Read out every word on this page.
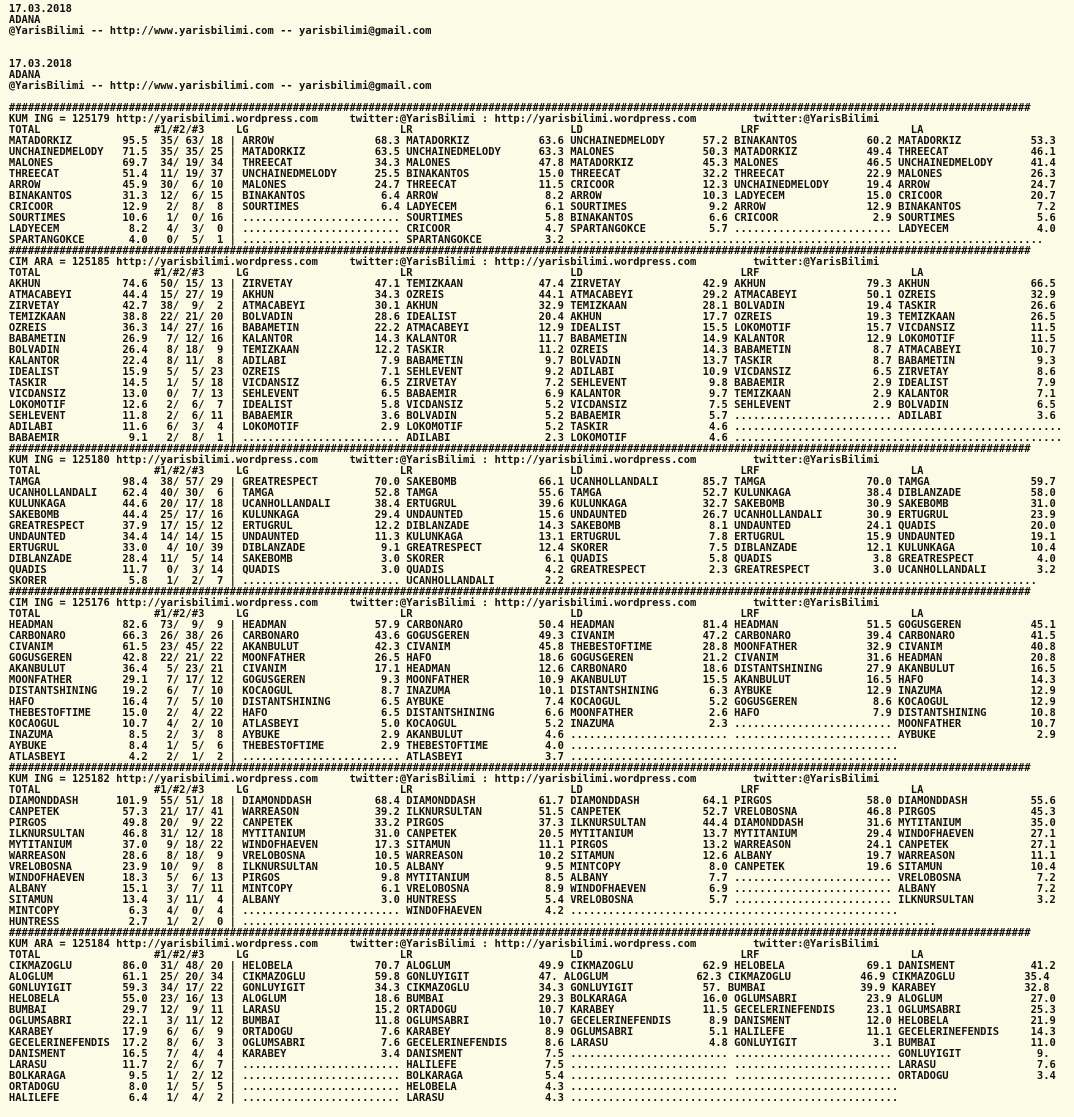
17.03.2018
ADANA
@YarisBilimi -- http://www.yarisbilimi.com -- yarisbilimi@gmail.com

17.03.2018
ADANA
@YarisBilimi -- http://www.yarisbilimi.com -- yarisbilimi@gmail.com

##################################################################################################################################################################
KUM ING = 125179 http://yarisbilimi.wordpress.com     twitter:@YarisBilimi : http://yarisbilimi.wordpress.com         twitter:@YarisBilimi
TOTAL                  #1/#2/#3     LG                        LR                         LD                         LRF                        LA
MATADORKIZ        95.5  35/ 63/ 18 | ARROW                68.3 MATADORKIZ           63.6 UNCHAINEDMELODY      57.2 BINAKANTOS           60.2 MATADORKIZ           53.3
UNCHAINEDMELODY   71.5  35/ 35/ 25 | MATADORKIZ           63.5 UNCHAINEDMELODY      63.3 MALONES              50.3 MATADORKIZ           49.4 THREECAT             46.1
MALONES           69.7  34/ 19/ 34 | THREECAT             34.3 MALONES              47.8 MATADORKIZ           45.3 MALONES              46.5 UNCHAINEDMELODY      41.4
THREECAT          51.4  11/ 19/ 37 | UNCHAINEDMELODY      25.5 BINAKANTOS           15.0 THREECAT             32.2 THREECAT             22.9 MALONES              26.3
ARROW             45.9  30/  6/ 10 | MALONES              24.7 THREECAT             11.5 CRICOOR              12.3 UNCHAINEDMELODY      19.4 ARROW                24.7
BINAKANTOS        31.3  12/  6/ 15 | BINAKANTOS            6.4 ARROW                 8.2 ARROW                10.3 LADYECEM             15.0 CRICOOR              20.7
CRICOOR           12.9   2/  8/  8 | SOURTIMES             6.4 LADYECEM              6.1 SOURTIMES             9.2 ARROW                12.9 BINAKANTOS            7.2
SOURTIMES         10.6   1/  0/ 16 | ......................... SOURTIMES             5.8 BINAKANTOS            6.6 CRICOOR               2.9 SOURTIMES             5.6
LADYECEM           8.2   4/  3/  0 | ......................... CRICOOR               4.7 SPARTANGOKCE          5.7 ......................... LADYECEM              4.0
SPARTANGOKCE       4.0   0/  5/  1 | ......................... SPARTANGOKCE          3.2 ...........................................................................
##################################################################################################################################################################
CIM ARA = 125185 http://yarisbilimi.wordpress.com     twitter:@YarisBilimi : http://yarisbilimi.wordpress.com         twitter:@YarisBilimi
TOTAL                  #1/#2/#3     LG                        LR                         LD                         LRF                        LA
AKHUN             74.6  50/ 15/ 13 | ZIRVETAY             47.1 TEMIZKAAN            47.4 ZIRVETAY             42.9 AKHUN                79.3 AKHUN                66.5
ATMACABEYI        44.4  15/ 27/ 19 | AKHUN                34.3 OZREIS               44.1 ATMACABEYI           29.2 ATMACABEYI           50.1 OZREIS               32.9
ZIRVETAY          42.7  38/  9/  2 | ATMACABEYI           30.1 AKHUN                32.9 TEMIZKAAN            28.1 BOLVADIN             19.4 TASKIR               26.6
TEMIZKAAN         38.8  22/ 21/ 20 | BOLVADIN             28.6 IDEALIST             20.4 AKHUN                17.7 OZREIS               19.3 TEMIZKAAN            26.5
OZREIS            36.3  14/ 27/ 16 | BABAMETIN            22.2 ATMACABEYI           12.9 IDEALIST             15.5 LOKOMOTIF            15.7 VICDANSIZ            11.5
BABAMETIN         26.9   7/ 12/ 16 | KALANTOR             14.3 KALANTOR             11.7 BABAMETIN            14.9 KALANTOR             12.9 LOKOMOTIF            11.5
BOLVADIN          26.4   8/ 18/  9 | TEMIZKAAN            12.2 TASKIR               11.2 OZREIS               14.3 BABAMETIN             8.7 ATMACABEYI           10.7
KALANTOR          22.4   8/ 11/  8 | ADILABI               7.9 BABAMETIN             9.7 BOLVADIN             13.7 TASKIR                8.7 BABAMETIN             9.3
IDEALIST          15.9   5/  5/ 23 | OZREIS                7.1 SEHLEVENT             9.2 ADILABI              10.9 VICDANSIZ             6.5 ZIRVETAY              8.6
TASKIR            14.5   1/  5/ 18 | VICDANSIZ             6.5 ZIRVETAY              7.2 SEHLEVENT             9.8 BABAEMIR              2.9 IDEALIST              7.9
VICDANSIZ         13.0   0/  7/ 13 | SEHLEVENT             6.5 BABAEMIR              6.9 KALANTOR              9.7 TEMIZKAAN             2.9 KALANTOR              7.1
LOKOMOTIF         12.6   2/  6/  7 | IDEALIST              5.8 VICDANSIZ             5.2 VICDANSIZ             7.5 SEHLEVENT             2.9 BOLVADIN              6.5
SEHLEVENT         11.8   2/  6/ 11 | BABAEMIR              3.6 BOLVADIN              5.2 BABAEMIR              5.7 ......................... ADILABI               3.6
ADILABI           11.6   6/  3/  4 | LOKOMOTIF             2.9 LOKOMOTIF             5.2 TASKIR                4.6 ....................................................
BABAEMIR           9.1   2/  8/  1 | ......................... ADILABI               2.3 LOKOMOTIF             4.6 ....................................................
##################################################################################################################################################################
KUM ING = 125180 http://yarisbilimi.wordpress.com     twitter:@YarisBilimi : http://yarisbilimi.wordpress.com         twitter:@YarisBilimi
TOTAL                  #1/#2/#3     LG                        LR                         LD                         LRF                        LA
TAMGA             98.4  38/ 57/ 29 | GREATRESPECT         70.0 SAKEBOMB             66.1 UCANHOLLANDALI       85.7 TAMGA                70.0 TAMGA                59.7
UCANHOLLANDALI    62.4  40/ 30/  6 | TAMGA                52.8 TAMGA                55.6 TAMGA                52.7 KULUNKAGA            38.4 DIBLANZADE           58.0
KULUNKAGA         44.6  20/ 17/ 18 | UCANHOLLANDALI       38.4 ERTUGRUL             39.6 KULUNKAGA            32.7 SAKEBOMB             30.9 SAKEBOMB             31.0
SAKEBOMB          44.4  25/ 17/ 16 | KULUNKAGA            29.4 UNDAUNTED            15.6 UNDAUNTED            26.7 UCANHOLLANDALI       30.9 ERTUGRUL             23.9
GREATRESPECT      37.9  17/ 15/ 12 | ERTUGRUL             12.2 DIBLANZADE           14.3 SAKEBOMB              8.1 UNDAUNTED            24.1 QUADIS               20.0
UNDAUNTED         34.4  14/ 14/ 15 | UNDAUNTED            11.3 KULUNKAGA            13.1 ERTUGRUL              7.8 ERTUGRUL             15.9 UNDAUNTED            19.1
ERTUGRUL          33.0   4/ 10/ 39 | DIBLANZADE            9.1 GREATRESPECT         12.4 SKORER                7.5 DIBLANZADE           12.1 KULUNKAGA            10.4
DIBLANZADE        28.4  11/  5/ 14 | SAKEBOMB              3.0 SKORER                6.1 QUADIS                5.8 QUADIS                3.8 GREATRESPECT          4.0
QUADIS            11.7   0/  3/ 14 | QUADIS                3.0 QUADIS                4.2 GREATRESPECT          2.3 GREATRESPECT          3.0 UCANHOLLANDALI        3.2
SKORER             5.8   1/  2/  7 | ......................... UCANHOLLANDALI        2.2 ..........................................................................
##################################################################################################################################################################
CIM ING = 125176 http://yarisbilimi.wordpress.com     twitter:@YarisBilimi : http://yarisbilimi.wordpress.com         twitter:@YarisBilimi
TOTAL                  #1/#2/#3     LG                        LR                         LD                         LRF                        LA
HEADMAN           82.6  73/  9/  9 | HEADMAN              57.9 CARBONARO            50.4 HEADMAN              81.4 HEADMAN              51.5 GOGUSGEREN           45.1
CARBONARO         66.3  26/ 38/ 26 | CARBONARO            43.6 GOGUSGEREN           49.3 CIVANIM              47.2 CARBONARO            39.4 CARBONARO            41.5
CIVANIM           61.5  23/ 45/ 22 | AKANBULUT            42.3 CIVANIM              45.8 THEBESTOFTIME        28.8 MOONFATHER           32.9 CIVANIM              40.8
GOGUSGEREN        42.8  22/ 21/ 22 | MOONFATHER           26.5 HAFO                 18.6 GOGUSGEREN           21.2 CIVANIM              31.6 HEADMAN              20.8
AKANBULUT         36.4   5/ 23/ 21 | CIVANIM              17.1 HEADMAN              12.6 CARBONARO            18.6 DISTANTSHINING       27.9 AKANBULUT            16.5
MOONFATHER        29.1   7/ 17/ 12 | GOGUSGEREN            9.3 MOONFATHER           10.9 AKANBULUT            15.5 AKANBULUT            16.5 HAFO                 14.3
DISTANTSHINING    19.2   6/  7/ 10 | KOCAOGUL              8.7 INAZUMA              10.1 DISTANTSHINING        6.3 AYBUKE               12.9 INAZUMA              12.9
HAFO              16.4   7/  5/ 10 | DISTANTSHINING        6.5 AYBUKE                7.4 KOCAOGUL              5.2 GOGUSGEREN            8.6 KOCAOGUL             12.9
THEBESTOFTIME     15.0   2/  4/ 22 | HAFO                  6.5 DISTANTSHINING        6.6 MOONFATHER            2.6 HAFO                  7.9 DISTANTSHINING       10.8
KOCAOGUL          10.7   4/  2/ 10 | ATLASBEYI             5.0 KOCAOGUL              5.2 INAZUMA               2.3 ......................... MOONFATHER           10.7
INAZUMA            8.5   2/  3/  8 | AYBUKE                2.9 AKANBULUT             4.6 ......................... ......................... AYBUKE                2.9
AYBUKE             8.4   1/  5/  6 | THEBESTOFTIME         2.9 THEBESTOFTIME         4.0 ....................................................
ATLASBEYI          4.2   2/  1/  2 | ......................... ATLASBEYI             3.7 ....................................................
##################################################################################################################################################################
KUM ING = 125182 http://yarisbilimi.wordpress.com     twitter:@YarisBilimi : http://yarisbilimi.wordpress.com         twitter:@YarisBilimi
TOTAL                  #1/#2/#3     LG                        LR                         LD                         LRF                        LA
DIAMONDDASH      101.9  55/ 51/ 18 | DIAMONDDASH          68.4 DIAMONDDASH          61.7 DIAMONDDASH          64.1 PIRGOS               58.0 DIAMONDDASH          55.6
CANPETEK          57.3  21/ 17/ 41 | WARREASON            39.2 ILKNURSULTAN         51.5 CANPETEK             52.7 VRELOBOSNA           46.8 PIRGOS               45.3
PIRGOS            49.8  20/  9/ 22 | CANPETEK             33.2 PIRGOS               37.3 ILKNURSULTAN         44.4 DIAMONDDASH          31.6 MYTITANIUM           35.0
ILKNURSULTAN      46.8  31/ 12/ 18 | MYTITANIUM           31.0 CANPETEK             20.5 MYTITANIUM           13.7 MYTITANIUM           29.4 WINDOFHAEVEN         27.1
MYTITANIUM        37.0   9/ 18/ 22 | WINDOFHAEVEN         17.3 SITAMUN              11.1 PIRGOS               13.2 WARREASON            24.1 CANPETEK             27.1
WARREASON         28.6   8/ 18/  9 | VRELOBOSNA           10.5 WARREASON            10.2 SITAMUN              12.6 ALBANY               19.7 WARREASON            11.1
VRELOBOSNA        23.9  10/  9/  8 | ILKNURSULTAN         10.5 ALBANY                9.5 MINTCOPY              8.0 CANPETEK             19.6 SITAMUN              10.4
WINDOFHAEVEN      18.3   5/  6/ 13 | PIRGOS                9.8 MYTITANIUM            8.5 ALBANY                7.7 ......................... VRELOBOSNA            7.2
ALBANY            15.1   3/  7/ 11 | MINTCOPY              6.1 VRELOBOSNA            8.9 WINDOFHAEVEN          6.9 ......................... ALBANY                7.2
SITAMUN           13.4   3/ 11/  4 | ALBANY                3.0 HUNTRESS              5.4 VRELOBOSNA            5.7 ......................... ILKNURSULTAN          3.2
MINTCOPY           6.3   4/  0/  4 | ......................... WINDOFHAEVEN          4.2 ....................................................
HUNTRESS           2.7   1/  2/  0 | ..............................................................................................................
##################################################################################################################################################################
KUM ARA = 125184 http://yarisbilimi.wordpress.com     twitter:@YarisBilimi : http://yarisbilimi.wordpress.com         twitter:@YarisBilimi
TOTAL                  #1/#2/#3     LG                        LR                         LD                         LRF                        LA
CIKMAZOGLU        86.0  31/ 48/ 20 | HELOBELA             70.7 ALOGLUM              49.9 CIKMAZOGLU           62.9 HELOBELA             69.1 DANISMENT            41.2
ALOGLUM           61.1  25/ 20/ 34 | CIKMAZOGLU           59.8 GONLUYIGIT           47. ALOGLUM              62.3 CIKMAZOGLU           46.9 CIKMAZOGLU           35.4
GONLUYIGIT        59.3  34/ 17/ 22 | GONLUYIGIT           34.3 CIKMAZOGLU           34.3 GONLUYIGIT           57. BUMBAI               39.9 KARABEY              32.8
HELOBELA          55.0  23/ 16/ 13 | ALOGLUM              18.6 BUMBAI               29.3 BOLKARAGA            16.0 OGLUMSABRI           23.9 ALOGLUM              27.0
BUMBAI            29.7  12/  9/ 11 | LARASU               15.2 ORTADOGU             10.7 KARABEY              11.5 GECELERINEFENDIS     23.1 OGLUMSABRI           25.3
OGLUMSABRI        22.1   3/ 11/ 12 | BUMBAI               11.8 OGLUMSABRI           10.7 GECELERINEFENDIS      8.9 DANISMENT            12.0 HELOBELA             21.9
KARABEY           17.9   6/  6/  9 | ORTADOGU              7.6 KARABEY               8.9 OGLUMSABRI            5.1 HALILEFE             11.1 GECELERINEFENDIS     14.3
GECELERINEFENDIS  17.2   8/  6/  3 | OGLUMSABRI            7.6 GECELERINEFENDIS      8.6 LARASU                4.8 GONLUYIGIT            3.1 BUMBAI               11.0
DANISMENT         16.5   7/  4/  4 | KARABEY               3.4 DANISMENT             7.5 ......................... ......................... GONLUYIGIT            9.
LARASU            11.7   2/  6/  7 | ......................... HALILEFE              7.5 ......................... ......................... LARASU                7.6
BOLKARAGA          9.5   1/  2/ 12 | ......................... BOLKARAGA             5.4 ......................... ......................... ORTADOGU              3.4
ORTADOGU           8.0   1/  5/  5 | ......................... HELOBELA              4.3 ....................................................
HALILEFE           6.4   1/  4/  2 | ......................... LARASU                4.3 ....................................................
